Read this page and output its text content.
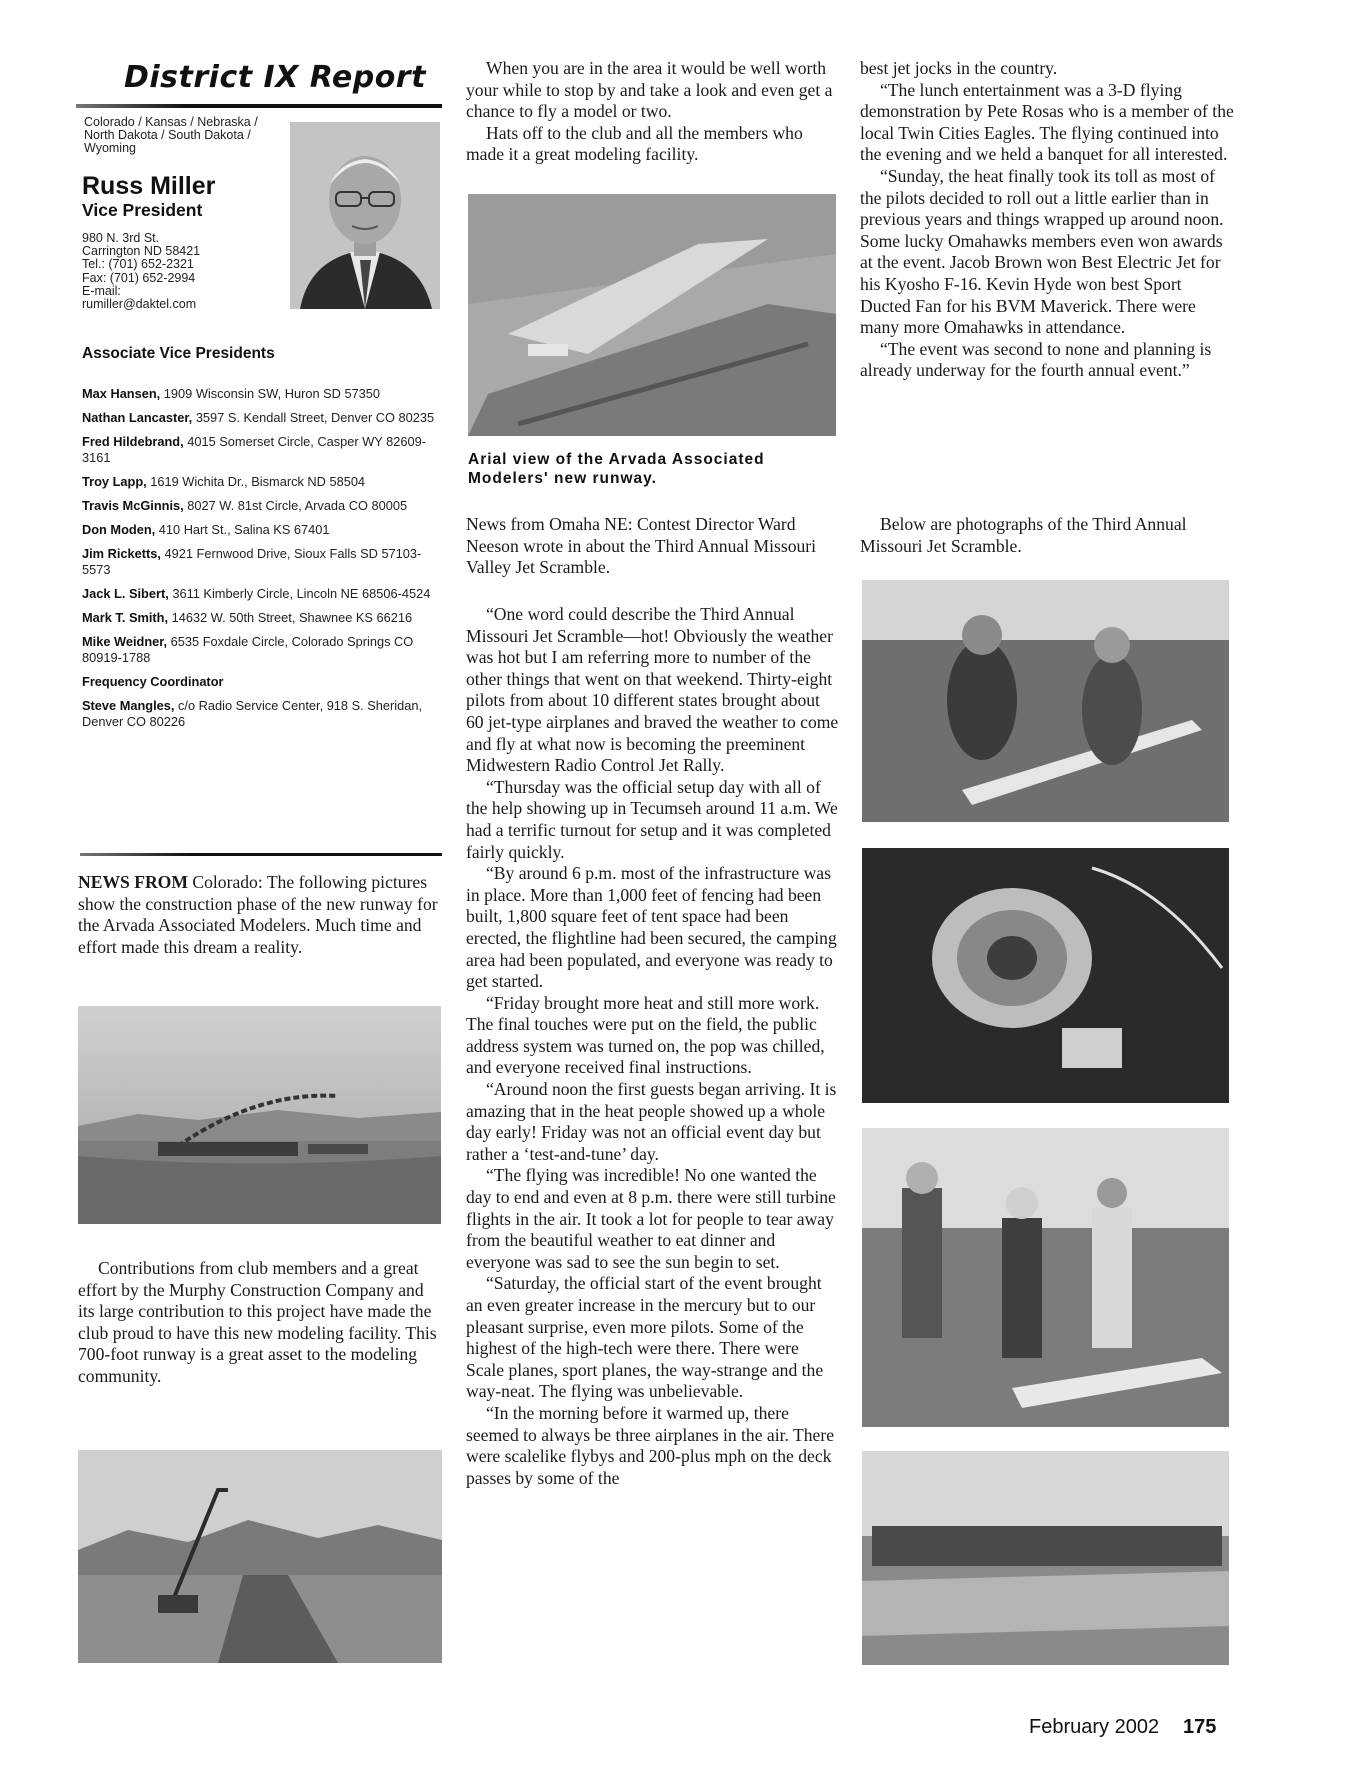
District IX Report
Colorado / Kansas / Nebraska / North Dakota / South Dakota / Wyoming
Russ Miller
Vice President
980 N. 3rd St.
Carrington ND 58421
Tel.: (701) 652-2321
Fax: (701) 652-2994
E-mail:
rumiller@daktel.com
Associate Vice Presidents
Max Hansen, 1909 Wisconsin SW, Huron SD 57350
Nathan Lancaster, 3597 S. Kendall Street, Denver CO 80235
Fred Hildebrand, 4015 Somerset Circle, Casper WY 82609-3161
Troy Lapp, 1619 Wichita Dr., Bismarck ND 58504
Travis McGinnis, 8027 W. 81st Circle, Arvada CO 80005
Don Moden, 410 Hart St., Salina KS 67401
Jim Ricketts, 4921 Fernwood Drive, Sioux Falls SD 57103-5573
Jack L. Sibert, 3611 Kimberly Circle, Lincoln NE 68506-4524
Mark T. Smith, 14632 W. 50th Street, Shawnee KS 66216
Mike Weidner, 6535 Foxdale Circle, Colorado Springs CO 80919-1788
Frequency Coordinator
Steve Mangles, c/o Radio Service Center, 918 S. Sheridan, Denver CO 80226

NEWS FROM Colorado: The following pictures show the construction phase of the new runway for the Arvada Associated Modelers. Much time and effort made this dream a reality.

Contributions from club members and a great effort by the Murphy Construction Company and its large contribution to this project have made the club proud to have this new modeling facility. This 700-foot runway is a great asset to the modeling community.

When you are in the area it would be well worth your while to stop by and take a look and even get a chance to fly a model or two.

Hats off to the club and all the members who made it a great modeling facility.

Arial view of the Arvada Associated Modelers' new runway.

News from Omaha NE: Contest Director Ward Neeson wrote in about the Third Annual Missouri Valley Jet Scramble.

“One word could describe the Third Annual Missouri Jet Scramble—hot! Obviously the weather was hot but I am referring more to number of the other things that went on that weekend. Thirty-eight pilots from about 10 different states brought about 60 jet-type airplanes and braved the weather to come and fly at what now is becoming the preeminent Midwestern Radio Control Jet Rally.

“Thursday was the official setup day with all of the help showing up in Tecumseh around 11 a.m. We had a terrific turnout for setup and it was completed fairly quickly.

“By around 6 p.m. most of the infrastructure was in place. More than 1,000 feet of fencing had been built, 1,800 square feet of tent space had been erected, the flightline had been secured, the camping area had been populated, and everyone was ready to get started.

“Friday brought more heat and still more work. The final touches were put on the field, the public address system was turned on, the pop was chilled, and everyone received final instructions.

“Around noon the first guests began arriving. It is amazing that in the heat people showed up a whole day early! Friday was not an official event day but rather a ‘test-and-tune’ day.

“The flying was incredible! No one wanted the day to end and even at 8 p.m. there were still turbine flights in the air. It took a lot for people to tear away from the beautiful weather to eat dinner and everyone was sad to see the sun begin to set.

“Saturday, the official start of the event brought an even greater increase in the mercury but to our pleasant surprise, even more pilots. Some of the highest of the high-tech were there. There were Scale planes, sport planes, the way-strange and the way-neat. The flying was unbelievable.

“In the morning before it warmed up, there seemed to always be three airplanes in the air. There were scalelike flybys and 200-plus mph on the deck passes by some of the

best jet jocks in the country.

“The lunch entertainment was a 3-D flying demonstration by Pete Rosas who is a member of the local Twin Cities Eagles. The flying continued into the evening and we held a banquet for all interested.

“Sunday, the heat finally took its toll as most of the pilots decided to roll out a little earlier than in previous years and things wrapped up around noon. Some lucky Omahawks members even won awards at the event. Jacob Brown won Best Electric Jet for his Kyosho F-16. Kevin Hyde won best Sport Ducted Fan for his BVM Maverick. There were many more Omahawks in attendance.

“The event was second to none and planning is already underway for the fourth annual event.”

Below are photographs of the Third Annual Missouri Jet Scramble.

February 2002 175
